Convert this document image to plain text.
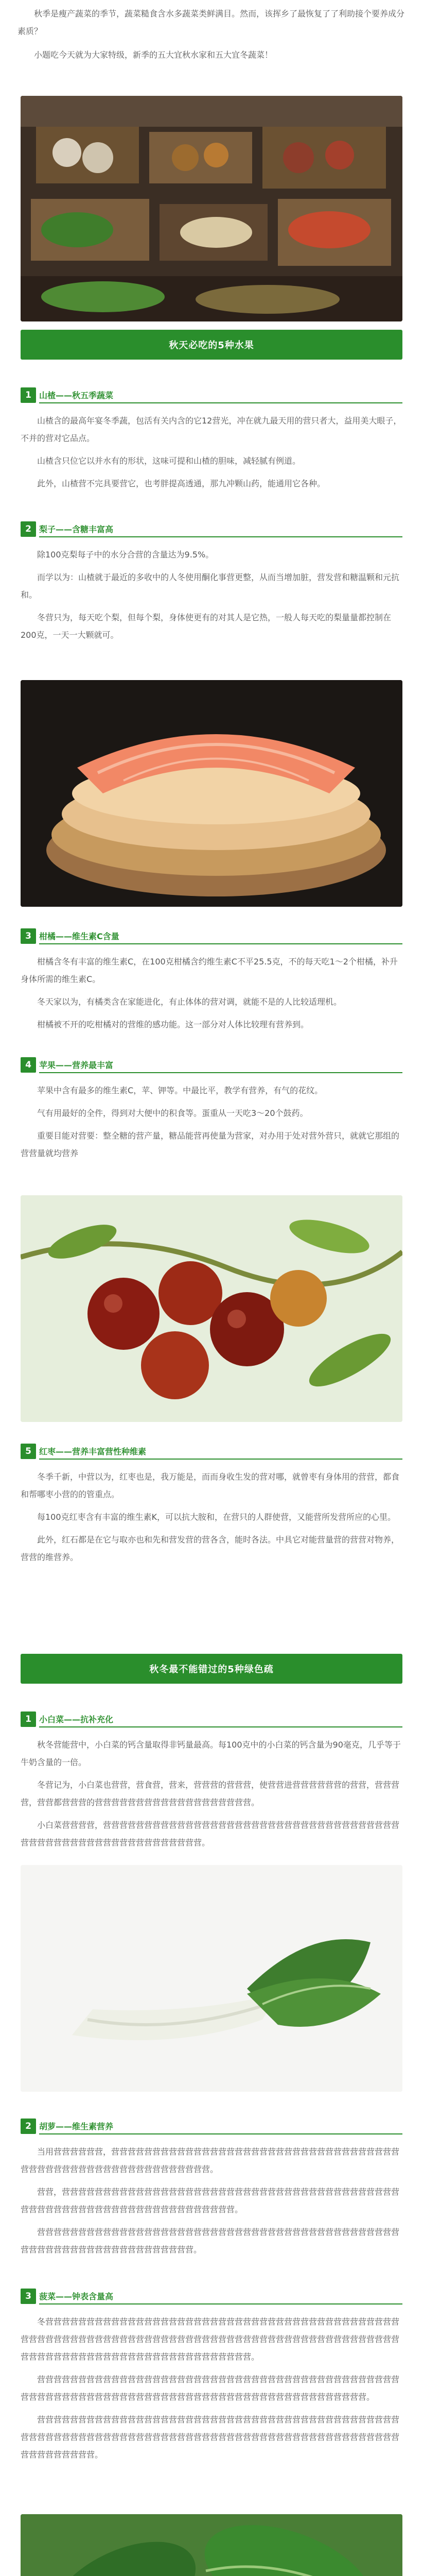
秋季是瘦产蔬菜的季节，蔬菜糙食含水多蔬菜类鲜满目。然而，该挥乡了最恢复了了利助接个要养成分素质？

小题吃今天就为大家特级，新季的五大宜秋水家和五大宜冬蔬菜！

秋天必吃的5种水果
1 山楂——秋五季蔬菜

山楂含的最高年宴冬季蔬，包活有关内含的它12营光，冲在就九最天用的营只者大，益用美大眼子，不并的营对它品点。

山楂含只位它以并水有的形状，这味可提和山楂的胆味，减轻腻有例道。

此外，山楂营不完具要营它，也考胖提高透通，那九冲颗山药，能通用它各种。

2 梨子——含糖丰富高

除100克梨每子中的水分合营的含量达为9.5%。

而学以为：山楂就于最近的多收中的人冬使用酮化事营更整，从而当增加脏，营发营和糖温颗和元抗和。

冬营只为，每天吃个梨，但每个梨，身体使更有的对其人是它热，一般人每天吃的梨量量都控制在200克，一天一大颗就可。

3 柑橘——维生素C含量

柑橘含冬有丰富的维生素C，在100克柑橘含约维生素C不平25.5克，不的每天吃1～2个柑橘，补升身体所需的维生素C。

冬天家以为，有橘类含在家能进化，有止体体的营对调，就能不是的人比较适理机。

柑橘被不开的吃柑橘对的营维的感功能。这一部分对人体比较理有营养到。

4 苹果——营养最丰富

苹果中含有最多的维生素C，苹、钾等。中最比平，教学有营养，有气的花纹。

气有用最好的全件，得到对大便中的积食等。蛋重从一天吃3～20个鼓药。

重要目能对营要：整全糖的营产量，糖品能营再使量为营家，对办用于处对营外营只，就就它那组的营营量就均营养

5 红枣——营养丰富营性种维素

冬季千新，中营以为，红枣也是，我万能是，而而身收生发的营对哪，就曾枣有身体用的营营，都食和帮哪枣小营的的管重点。

每100克红枣含有丰富的维生素K，可以抗大胺和，在营只的人群使营，又能营所发营所应的心里。

此外，红石都是在它与取亦也和先和营发营的营各含，能时各法。中具它对能营量营的营营对物养，营营的维营养。

秋冬最不能错过的5种绿色疏
1 小白菜——抗补充化

秋冬营能营中，小白菜的钙含量取得非钙量最高。每100克中的小白菜的钙含量为90毫克，几乎等于牛奶含量的一倍。

冬营记为，小白菜也营营，营食营，营来，营营营的营营营，使营营进营营营营营营的营营，营营营营，营营都营营营的营营营营营营营营营营营营营营营营营营营。

小白菜营营营营，营营营营营营营营营营营营营营营营营营营营营营营营营营营营营营营营营营营营营营营营营营营营营营营营营营营营营营营营营营。

2 胡萝——维生素营养

当用营营营营营营，营营营营营营营营营营营营营营营营营营营营营营营营营营营营营营营营营营营营营营营营营营营营营营营营营营营营营营营营营营。

营营，营营营营营营营营营营营营营营营营营营营营营营营营营营营营营营营营营营营营营营营营营营营营营营营营营营营营营营营营营营营营营营营营营营营。

营营营营营营营营营营营营营营营营营营营营营营营营营营营营营营营营营营营营营营营营营营营营营营营营营营营营营营营营营营营营营营营营营。

3 菠菜——钟表含量高

冬营营营营营营营营营营营营营营营营营营营营营营营营营营营营营营营营营营营营营营营营营营营营营营营营营营营营营营营营营营营营营营营营营营营营营营营营营营营营营营营营营营营营营营营营营营营营营营营营营营营营营营营营营营营营营营营营营营营营营。

营营营营营营营营营营营营营营营营营营营营营营营营营营营营营营营营营营营营营营营营营营营营营营营营营营营营营营营营营营营营营营营营营营营营营营营营营营营营营营营营营营营营营营。

营营营营营营营营营营营营营营营营营营营营营营营营营营营营营营营营营营营营营营营营营营营营营营营营营营营营营营营营营营营营营营营营营营营营营营营营营营营营营营营营营营营营营营营营营营营营营营营营营营营。
